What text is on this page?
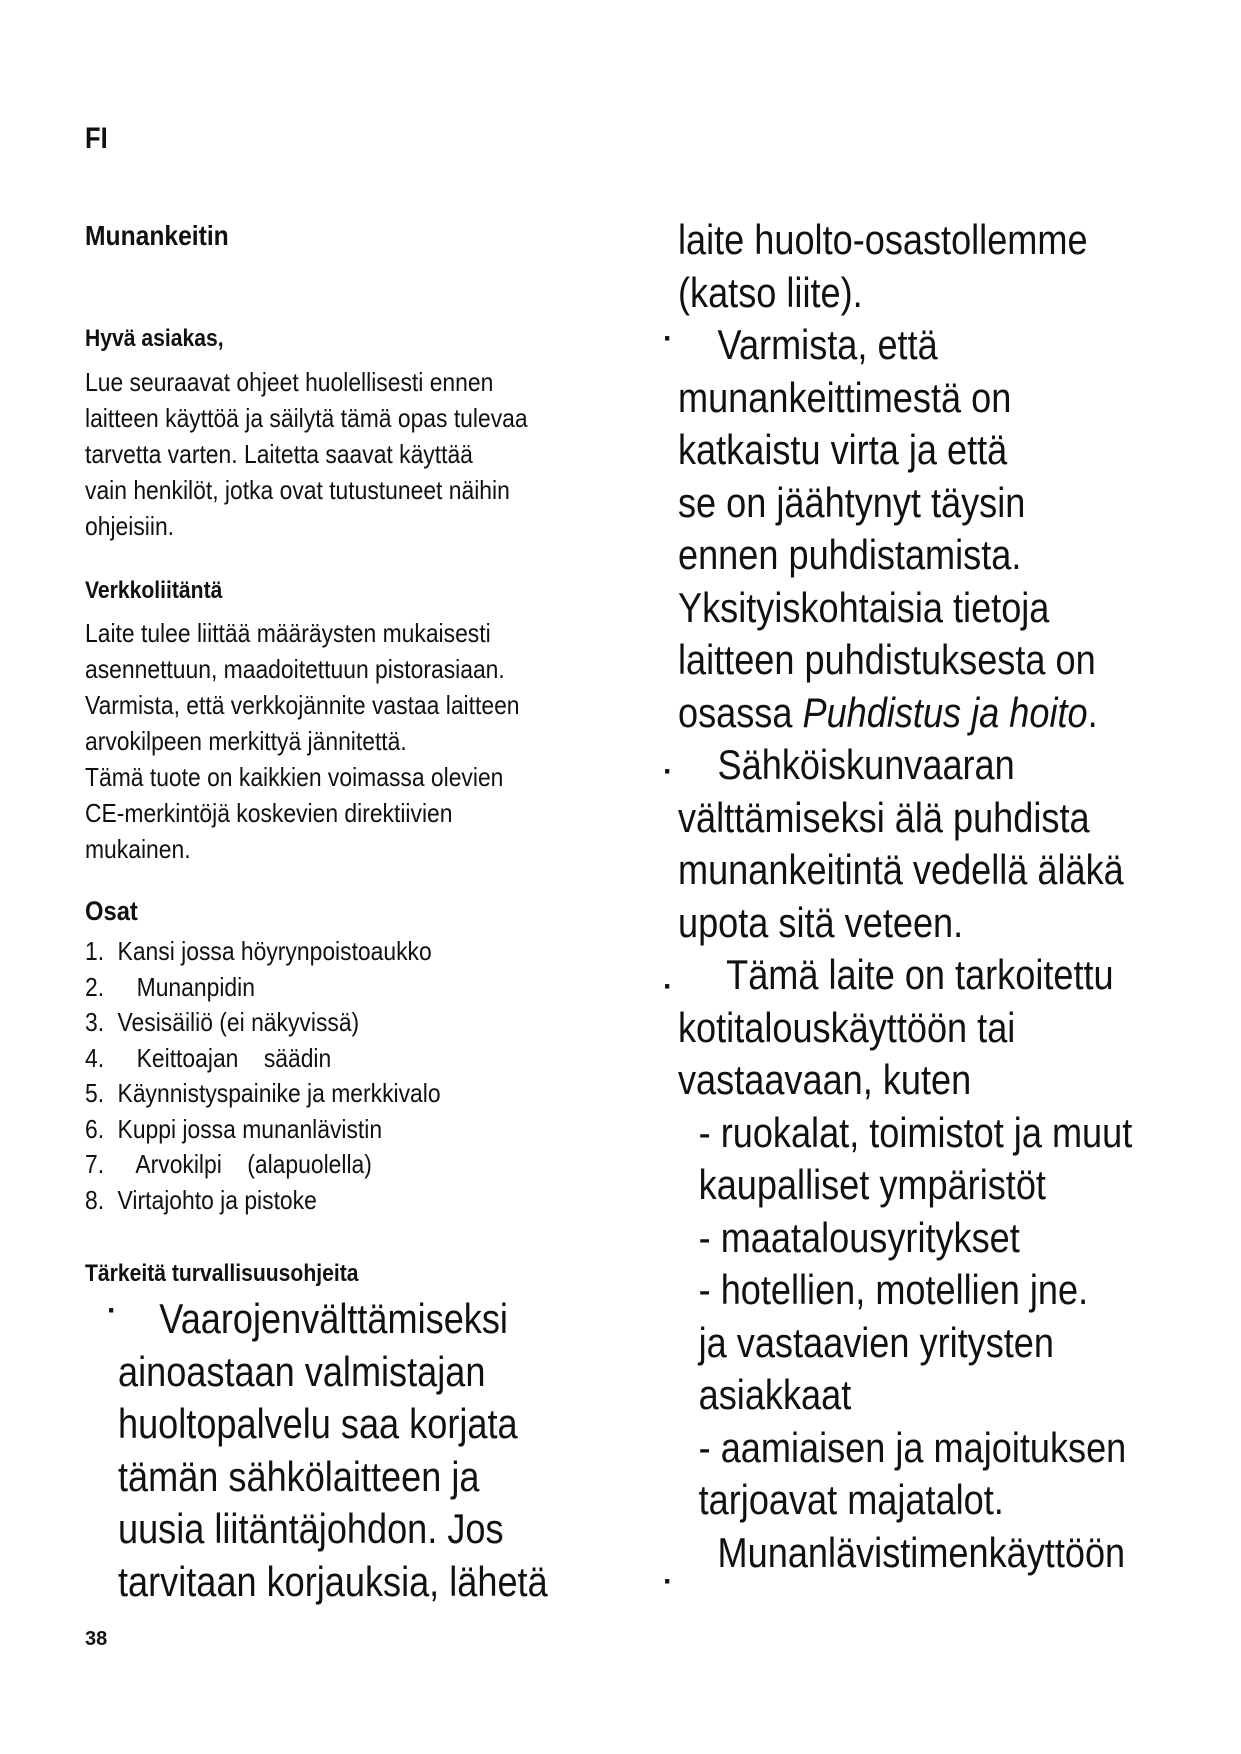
FI
Munankeitin
Hyvä asiakas,
Lue seuraavat ohjeet huolellisesti ennen
laitteen käyttöä ja säilytä tämä opas tulevaa
tarvetta varten. Laitetta saavat käyttää
vain henkilöt, jotka ovat tutustuneet näihin
ohjeisiin.
Verkkoliitäntä
Laite tulee liittää määräysten mukaisesti
asennettuun, maadoitettuun pistorasiaan.
Varmista, että verkkojännite vastaa laitteen
arvokilpeen merkittyä jännitettä.
Tämä tuote on kaikkien voimassa olevien
CE-merkintöjä koskevien direktiivien
mukainen.
Osat
1. Kansi jossa höyrynpoistoaukko
2. Munanpidin
3. Vesisäiliö (ei näkyvissä)
4. Keittoajan    säädin
5. Käynnistyspainike ja merkkivalo
6. Kuppi jossa munanlävistin
7. Arvokilpi    (alapuolella)
8. Virtajohto ja pistoke
Tärkeitä turvallisuusohjeita
·	Vaarojenvälttämiseksi
ainoastaan valmistajan
huoltopalvelu saa korjata
tämän sähkölaitteen ja
uusia liitäntäjohdon. Jos
tarvitaan korjauksia, lähetä
laite huolto-osastollemme
(katso liite).
Varmista, että
munankeittimestä on
katkaistu virta ja että
se on jäähtynyt täysin
ennen puhdistamista.
Yksityiskohtaisia tietoja
laitteen puhdistuksesta on
osassa Puhdistus ja hoito.
Sähköiskunvaaran
välttämiseksi älä puhdista
munankeitintä vedellä äläkä
upota sitä veteen.
Tämä laite on tarkoitettu
kotitalouskäyttöön tai
vastaavaan, kuten
- ruokalat, toimistot ja muut
kaupalliset ympäristöt
- maatalousyritykset
- hotellien, motellien jne.
ja vastaavien yritysten
asiakkaat
- aamiaisen ja majoituksen
tarjoavat majatalot.
Munanlävistimenkäyttöön
·
·
·
·
38
